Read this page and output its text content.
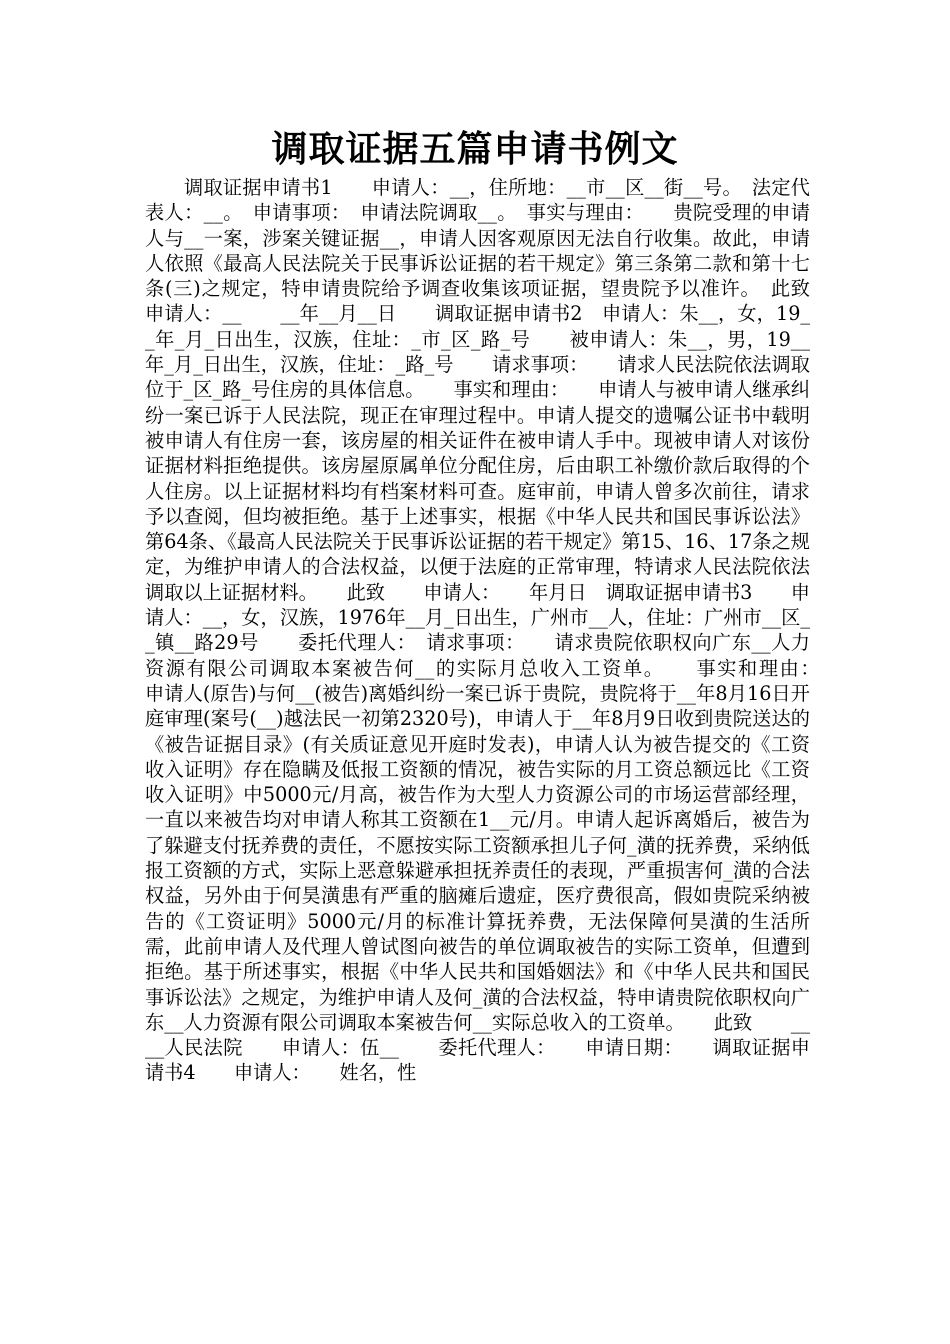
调取证据五篇申请书例文

　　调取证据申请书1　　申请人：__，住所地：__市__区__街__号。　法定代表人：__。　申请事项：　申请法院调取__。　事实与理由：　　贵院受理的申请人与__一案，涉案关键证据__，申请人因客观原因无法自行收集。故此，申请人依照《最高人民法院关于民事诉讼证据的若干规定》第三条第二款和第十七条(三)之规定，特申请贵院给予调查收集该项证据，望贵院予以准许。　此致　　申请人：__　　__年__月__日　　调取证据申请书2　申请人：朱__，女，19__年_月_日出生，汉族，住址：_市_区_路_号　　被申请人：朱__，男，19__年_月_日出生，汉族，住址：_路_号　　请求事项：　　请求人民法院依法调取位于_区_路_号住房的具体信息。　　事实和理由：　　申请人与被申请人继承纠纷一案已诉于人民法院，现正在审理过程中。申请人提交的遗嘱公证书中载明被申请人有住房一套，该房屋的相关证件在被申请人手中。现被申请人对该份证据材料拒绝提供。该房屋原属单位分配住房，后由职工补缴价款后取得的个人住房。以上证据材料均有档案材料可查。庭审前，申请人曾多次前往，请求予以查阅，但均被拒绝。基于上述事实，根据《中华人民共和国民事诉讼法》第64条、《最高人民法院关于民事诉讼证据的若干规定》第15、16、17条之规定，为维护申请人的合法权益，以便于法庭的正常审理，特请求人民法院依法调取以上证据材料。　　此致　　申请人：　　年月日　调取证据申请书3　　申请人：__，女，汉族，1976年__月_日出生，广州市__人，住址：广州市__区__镇__路29号　　委托代理人：　请求事项：　　请求贵院依职权向广东__人力资源有限公司调取本案被告何__的实际月总收入工资单。　　事实和理由：　　申请人(原告)与何__(被告)离婚纠纷一案已诉于贵院，贵院将于__年8月16日开庭审理(案号(__)越法民一初第2320号)，申请人于__年8月9日收到贵院送达的《被告证据目录》(有关质证意见开庭时发表)，申请人认为被告提交的《工资收入证明》存在隐瞒及低报工资额的情况，被告实际的月工资总额远比《工资收入证明》中5000元/月高，被告作为大型人力资源公司的市场运营部经理，一直以来被告均对申请人称其工资额在1__元/月。申请人起诉离婚后，被告为了躲避支付抚养费的责任，不愿按实际工资额承担儿子何_潢的抚养费，采纳低报工资额的方式，实际上恶意躲避承担抚养责任的表现，严重损害何_潢的合法权益，另外由于何昊潢患有严重的脑瘫后遗症，医疗费很高，假如贵院采纳被告的《工资证明》5000元/月的标准计算抚养费，无法保障何昊潢的生活所需，此前申请人及代理人曾试图向被告的单位调取被告的实际工资单，但遭到拒绝。基于所述事实，根据《中华人民共和国婚姻法》和《中华人民共和国民事诉讼法》之规定，为维护申请人及何_潢的合法权益，特申请贵院依职权向广东__人力资源有限公司调取本案被告何__实际总收入的工资单。　　此致　　____人民法院　　申请人：伍__　　委托代理人：　　申请日期：　　调取证据申请书4　　申请人：　　姓名，性
